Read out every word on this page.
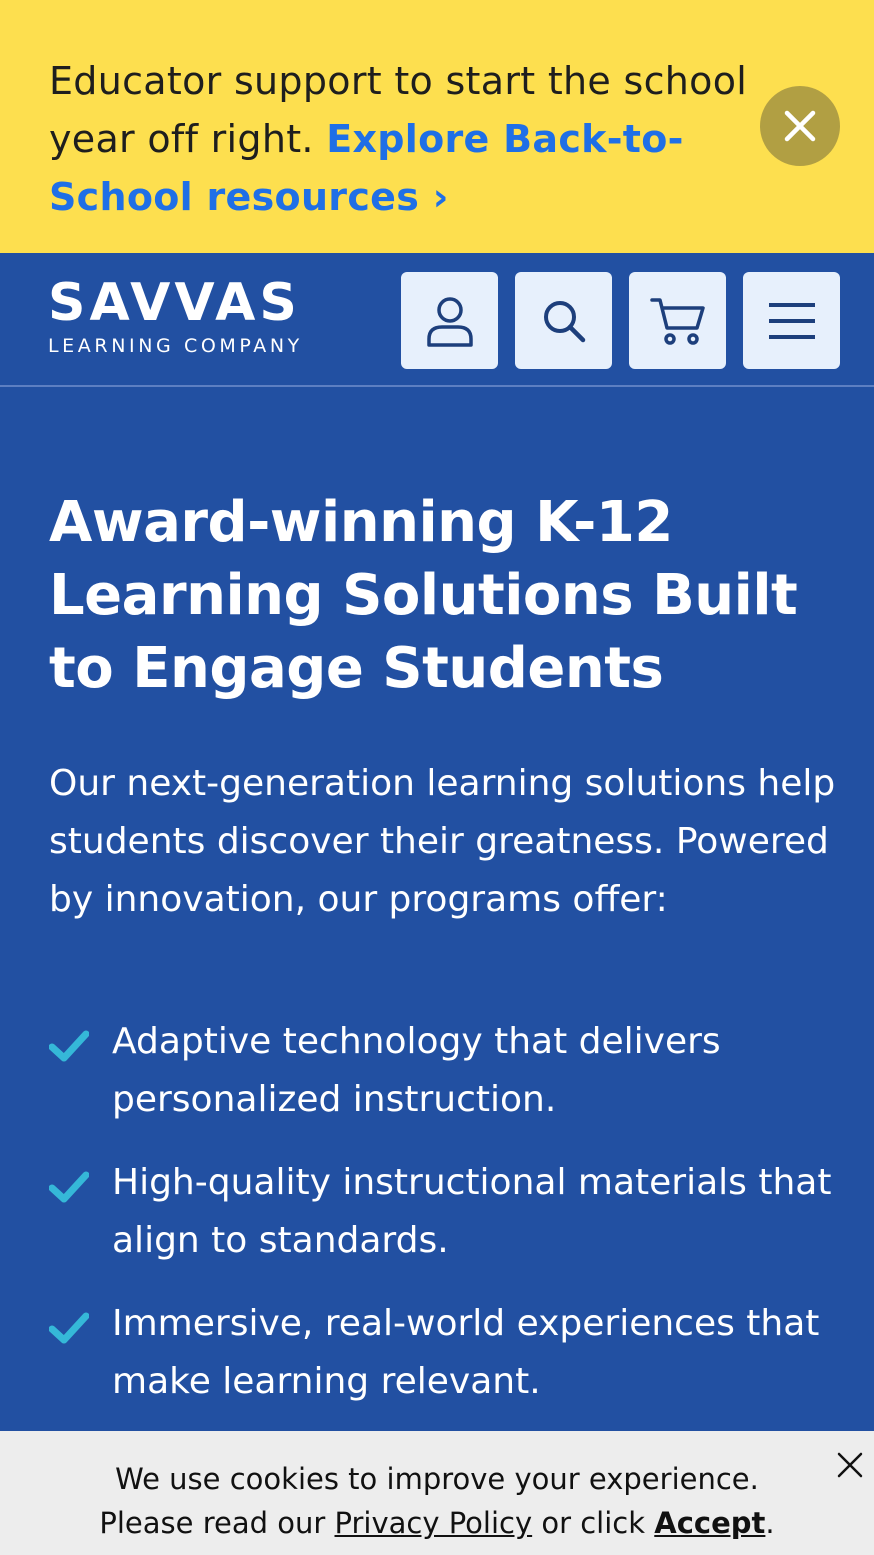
Educator support to start the school year off right. Explore Back-to-School resources ›

SAVVAS
LEARNING COMPANY
Award-winning K-12 Learning Solutions Built to Engage Students

Our next-generation learning solutions help students discover their greatness. Powered by innovation, our programs offer:

Adaptive technology that delivers personalized instruction.
High-quality instructional materials that align to standards.
Immersive, real-world experiences that make learning relevant.
We use cookies to improve your experience.
Please read our Privacy Policy or click Accept.
